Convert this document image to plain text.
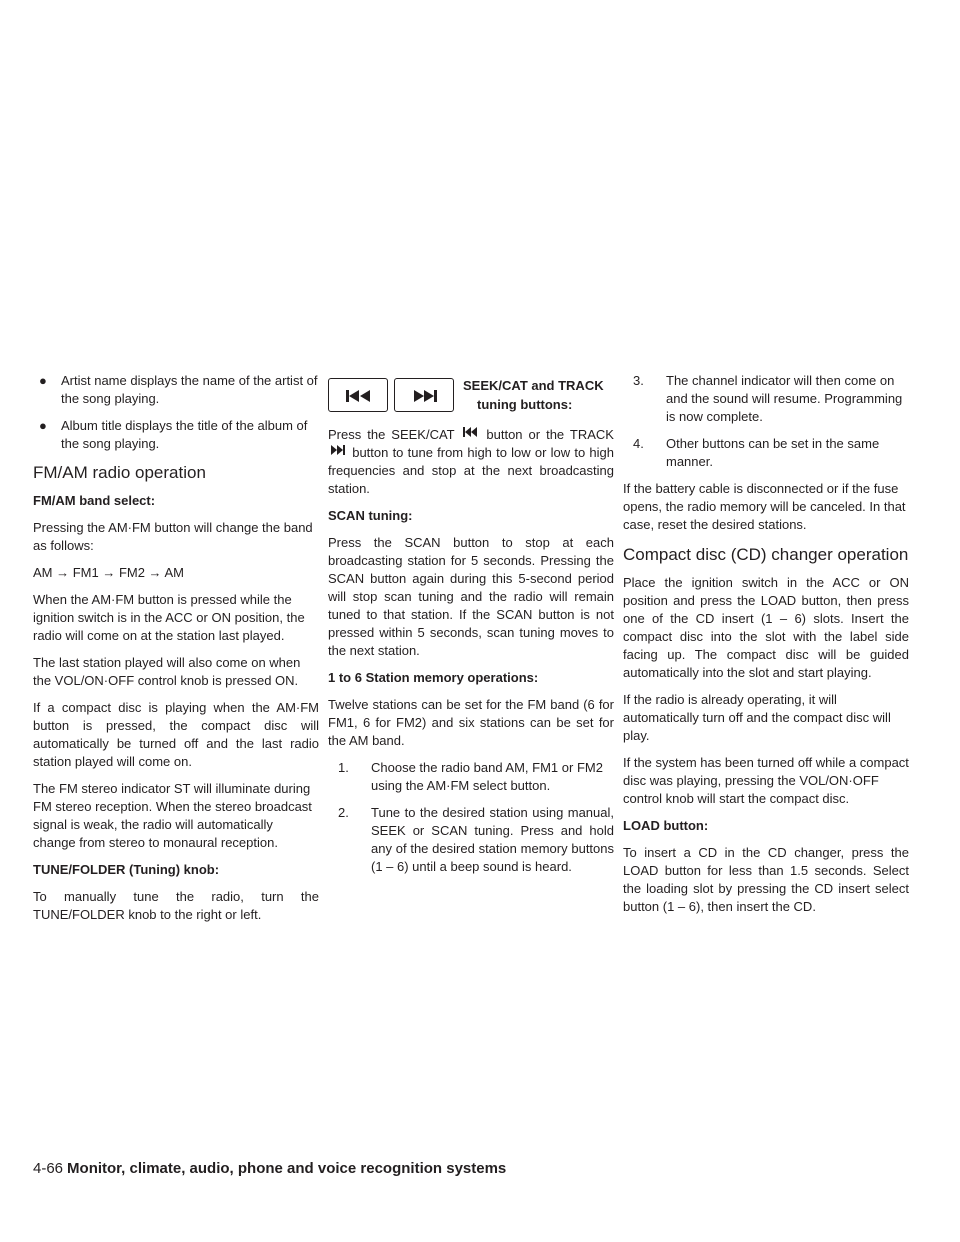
● Artist name displays the name of the artist of the song playing.
● Album title displays the title of the album of the song playing.
FM/AM radio operation

FM/AM band select:

Pressing the AM·FM button will change the band as follows:

AM → FM1 → FM2 → AM

When the AM·FM button is pressed while the ignition switch is in the ACC or ON position, the radio will come on at the station last played.

The last station played will also come on when the VOL/ON·OFF control knob is pressed ON.

If a compact disc is playing when the AM·FM button is pressed, the compact disc will automatically be turned off and the last radio station played will come on.

The FM stereo indicator ST will illuminate during FM stereo reception. When the stereo broadcast signal is weak, the radio will automatically change from stereo to monaural reception.

TUNE/FOLDER (Tuning) knob:

To manually tune the radio, turn the TUNE/FOLDER knob to the right or left.

SEEK/CAT and TRACK
tuning buttons:

Press the SEEK/CAT button or the TRACK  button to tune from high to low or low to high frequencies and stop at the next broadcasting station.

SCAN tuning:

Press the SCAN button to stop at each broadcasting station for 5 seconds. Pressing the SCAN button again during this 5-second period will stop scan tuning and the radio will remain tuned to that station. If the SCAN button is not pressed within 5 seconds, scan tuning moves to the next station.

1 to 6 Station memory operations:

Twelve stations can be set for the FM band (6 for FM1, 6 for FM2) and six stations can be set for the AM band.

1. Choose the radio band AM, FM1 or FM2 using the AM·FM select button.
2. Tune to the desired station using manual, SEEK or SCAN tuning. Press and hold any of the desired station memory buttons (1 – 6) until a beep sound is heard.
3. The channel indicator will then come on and the sound will resume. Programming is now complete.
4. Other buttons can be set in the same manner.

If the battery cable is disconnected or if the fuse opens, the radio memory will be canceled. In that case, reset the desired stations.

Compact disc (CD) changer operation

Place the ignition switch in the ACC or ON position and press the LOAD button, then press one of the CD insert (1 – 6) slots. Insert the compact disc into the slot with the label side facing up. The compact disc will be guided automatically into the slot and start playing.

If the radio is already operating, it will automatically turn off and the compact disc will play.

If the system has been turned off while a compact disc was playing, pressing the VOL/ON·OFF control knob will start the compact disc.

LOAD button:

To insert a CD in the CD changer, press the LOAD button for less than 1.5 seconds. Select the loading slot by pressing the CD insert select button (1 – 6), then insert the CD.

4-66 Monitor, climate, audio, phone and voice recognition systems
